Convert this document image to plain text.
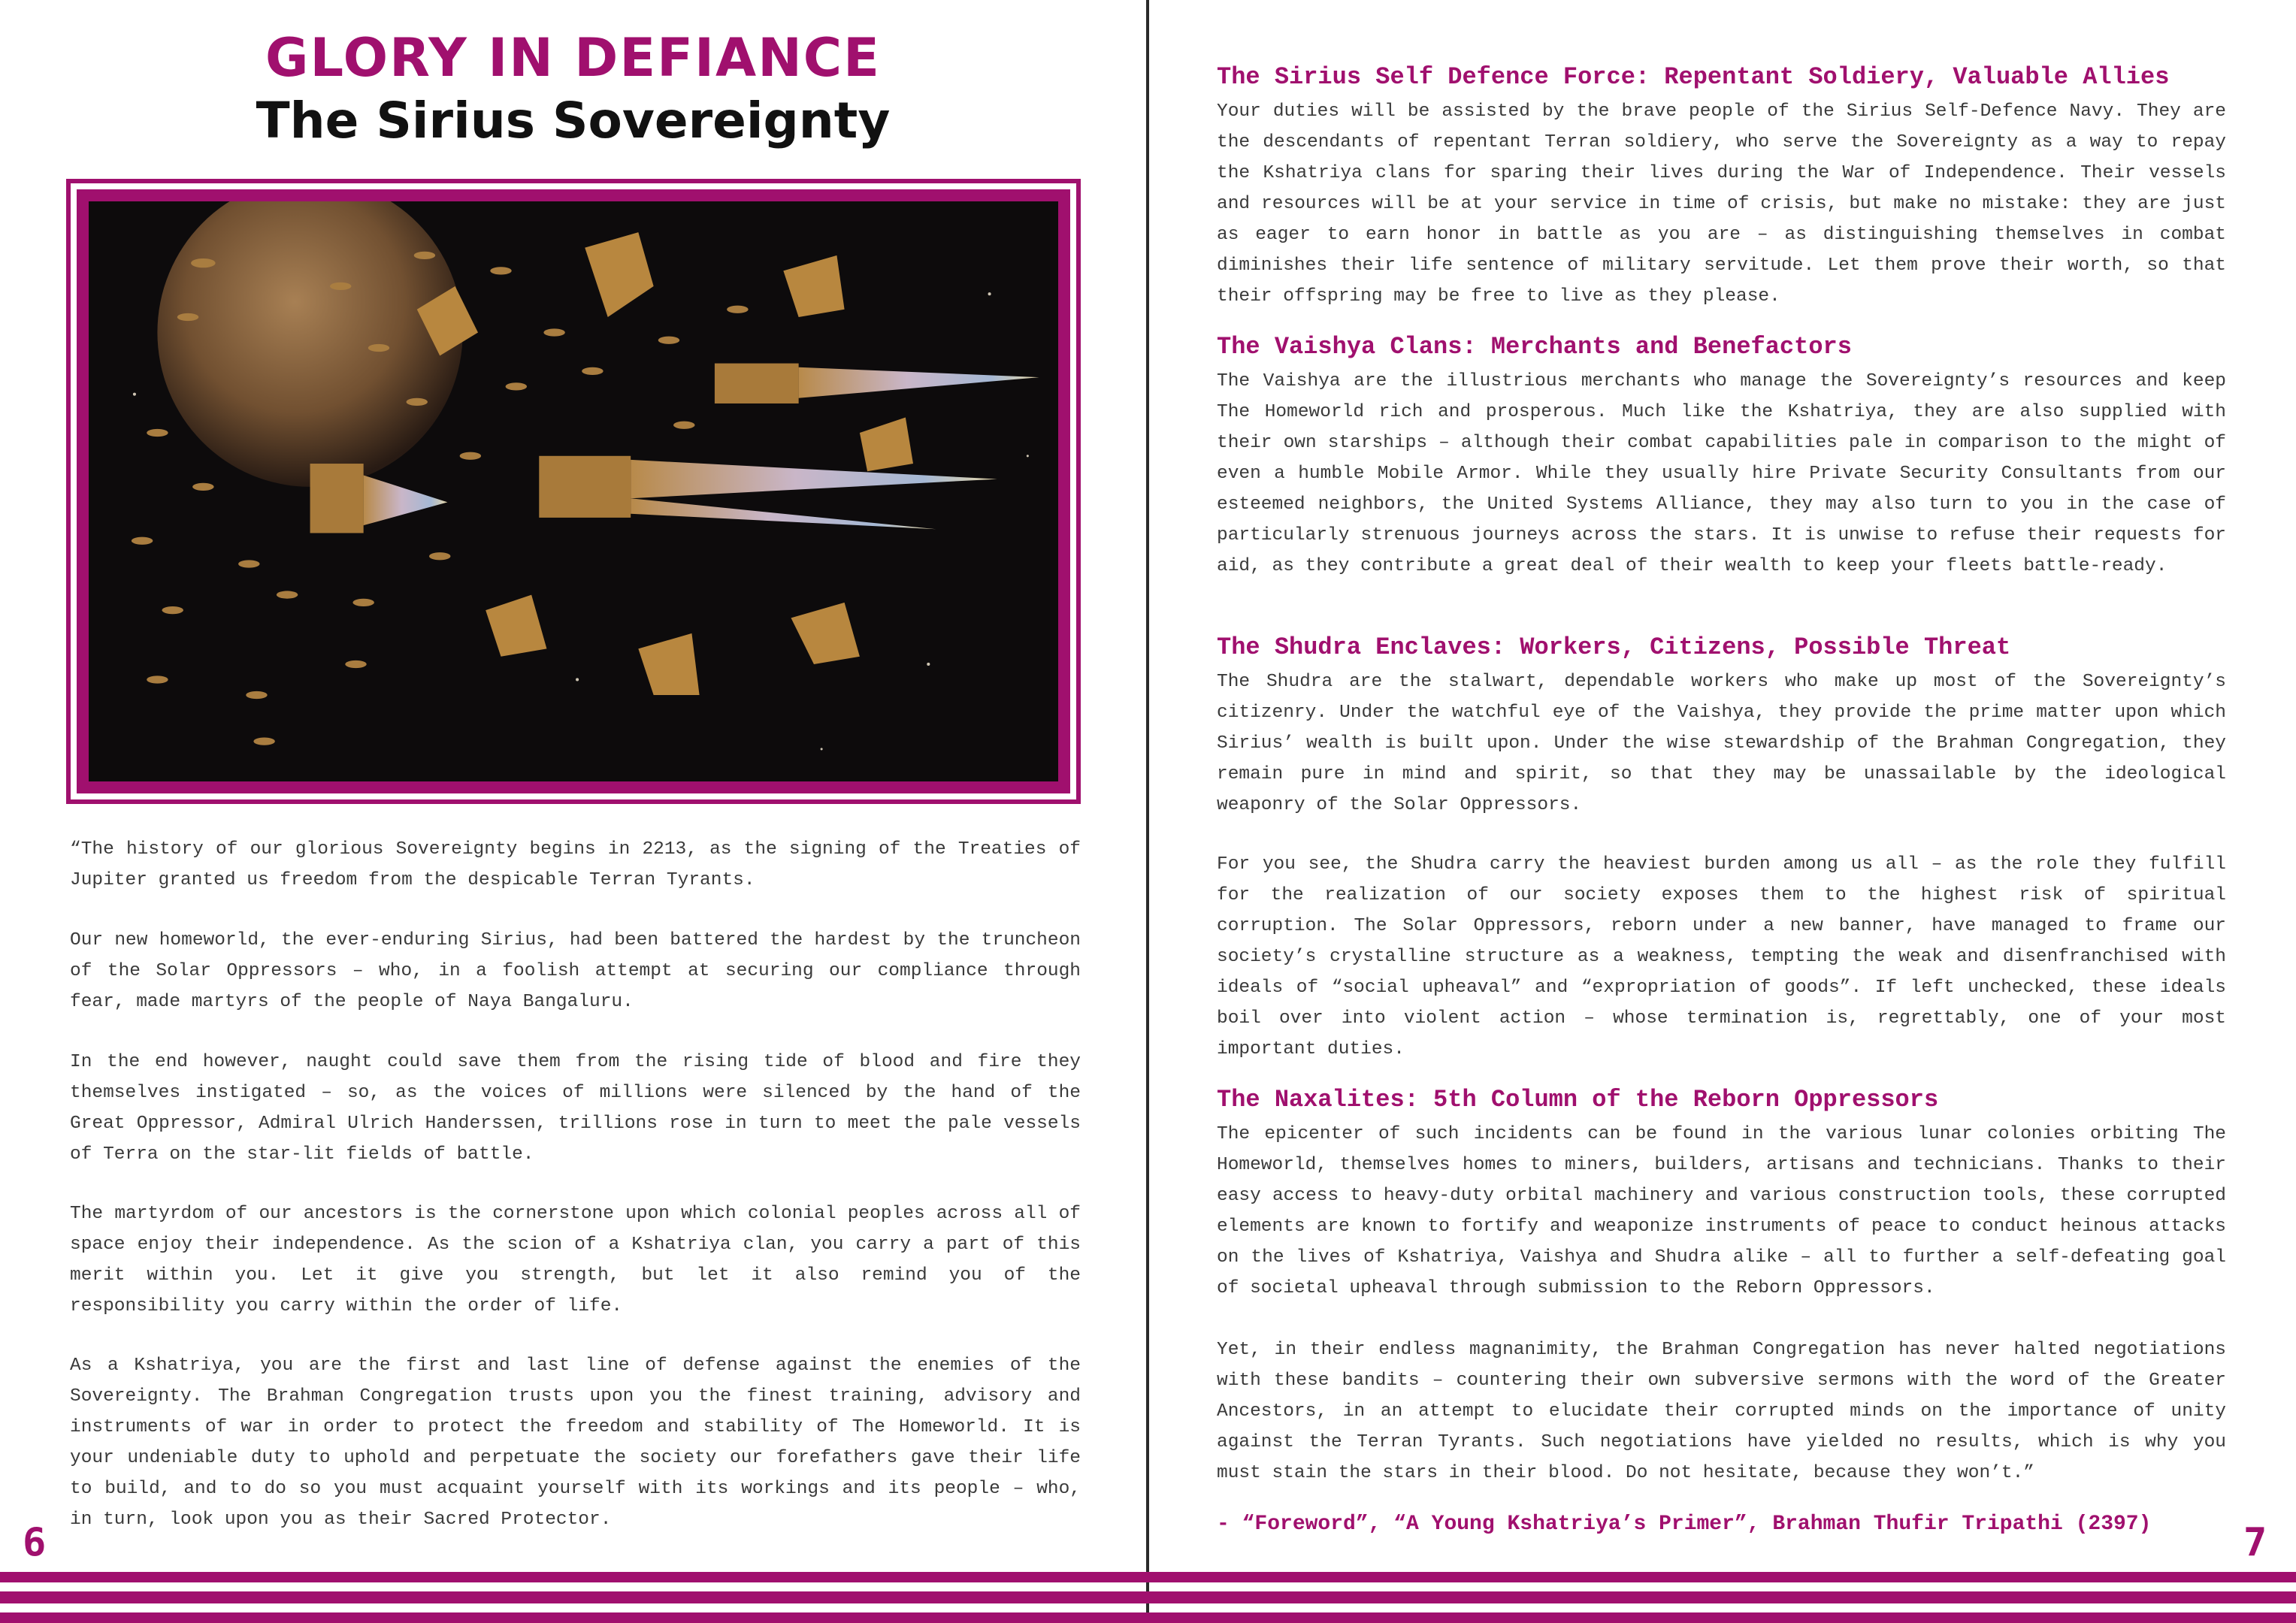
GLORY IN DEFIANCE
The Sirius Sovereignty

“The history of our glorious Sovereignty begins in 2213, as the signing of the Treaties of Jupiter granted us freedom from the despicable Terran Tyrants.

Our new homeworld, the ever-enduring Sirius, had been battered the hardest by the truncheon of the Solar Oppressors – who, in a foolish attempt at securing our compliance through fear, made martyrs of the people of Naya Bangaluru.

In the end however, naught could save them from the rising tide of blood and fire they themselves instigated – so, as the voices of millions were silenced by the hand of the Great Oppressor, Admiral Ulrich Handerssen, trillions rose in turn to meet the pale vessels of Terra on the star-lit fields of battle.

The martyrdom of our ancestors is the cornerstone upon which colonial peoples across all of space enjoy their independence. As the scion of a Kshatriya clan, you carry a part of this merit within you. Let it give you strength, but let it also remind you of the responsibility you carry within the order of life.

As a Kshatriya, you are the first and last line of defense against the enemies of the Sovereignty. The Brahman Congregation trusts upon you the finest training, advisory and instruments of war in order to protect the freedom and stability of The Homeworld. It is your undeniable duty to uphold and perpetuate the society our forefathers gave their life to build, and to do so you must acquaint yourself with its workings and its people – who, in turn, look upon you as their Sacred Protector.

6
The Sirius Self Defence Force: Repentant Soldiery, Valuable Allies

Your duties will be assisted by the brave people of the Sirius Self-Defence Navy. They are the descendants of repentant Terran soldiery, who serve the Sovereignty as a way to repay the Kshatriya clans for sparing their lives during the War of Independence. Their vessels and resources will be at your service in time of crisis, but make no mistake: they are just as eager to earn honor in battle as you are – as distinguishing themselves in combat diminishes their life sentence of military servitude. Let them prove their worth, so that their offspring may be free to live as they please.

The Vaishya Clans: Merchants and Benefactors

The Vaishya are the illustrious merchants who manage the Sovereignty’s resources and keep The Homeworld rich and prosperous. Much like the Kshatriya, they are also supplied with their own starships – although their combat capabilities pale in comparison to the might of even a humble Mobile Armor. While they usually hire Private Security Consultants from our esteemed neighbors, the United Systems Alliance, they may also turn to you in the case of particularly strenuous journeys across the stars. It is unwise to refuse their requests for aid, as they contribute a great deal of their wealth to keep your fleets battle-ready.

The Shudra Enclaves: Workers, Citizens, Possible Threat

The Shudra are the stalwart, dependable workers who make up most of the Sovereignty’s citizenry. Under the watchful eye of the Vaishya, they provide the prime matter upon which Sirius’ wealth is built upon. Under the wise stewardship of the Brahman Congregation, they remain pure in mind and spirit, so that they may be unassailable by the ideological weaponry of the Solar Oppressors.

For you see, the Shudra carry the heaviest burden among us all – as the role they fulfill for the realization of our society exposes them to the highest risk of spiritual corruption. The Solar Oppressors, reborn under a new banner, have managed to frame our society’s crystalline structure as a weakness, tempting the weak and disenfranchised with ideals of “social upheaval” and “expropriation of goods”. If left unchecked, these ideals boil over into violent action – whose termination is, regrettably, one of your most important duties.

The Naxalites: 5th Column of the Reborn Oppressors

The epicenter of such incidents can be found in the various lunar colonies orbiting The Homeworld, themselves homes to miners, builders, artisans and technicians. Thanks to their easy access to heavy-duty orbital machinery and various construction tools, these corrupted elements are known to fortify and weaponize instruments of peace to conduct heinous attacks on the lives of Kshatriya, Vaishya and Shudra alike – all to further a self-defeating goal of societal upheaval through submission to the Reborn Oppressors.

Yet, in their endless magnanimity, the Brahman Congregation has never halted negotiations with these bandits – countering their own subversive sermons with the word of the Greater Ancestors, in an attempt to elucidate their corrupted minds on the importance of unity against the Terran Tyrants. Such negotiations have yielded no results, which is why you must stain the stars in their blood. Do not hesitate, because they won’t.”

- “Foreword”, “A Young Kshatriya’s Primer”, Brahman Thufir Tripathi (2397)	7
